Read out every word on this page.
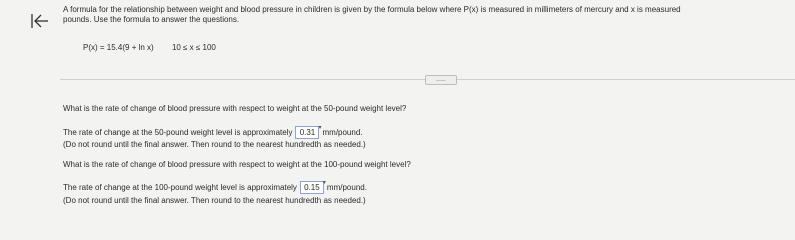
A formula for the relationship between weight and blood pressure in children is given by the formula below where P(x) is measured in millimeters of mercury and x is measured
pounds. Use the formula to answer the questions.
P(x) = 15.4(9 + ln x) 10 ≤ x ≤ 100
.....
What is the rate of change of blood pressure with respect to weight at the 50-pound weight level?
The rate of change at the 50-pound weight level is approximately 0.31 ▾ mm/pound.
(Do not round until the final answer. Then round to the nearest hundredth as needed.)
What is the rate of change of blood pressure with respect to weight at the 100-pound weight level?
The rate of change at the 100-pound weight level is approximately 0.15 ▾ mm/pound.
(Do not round until the final answer. Then round to the nearest hundredth as needed.)
